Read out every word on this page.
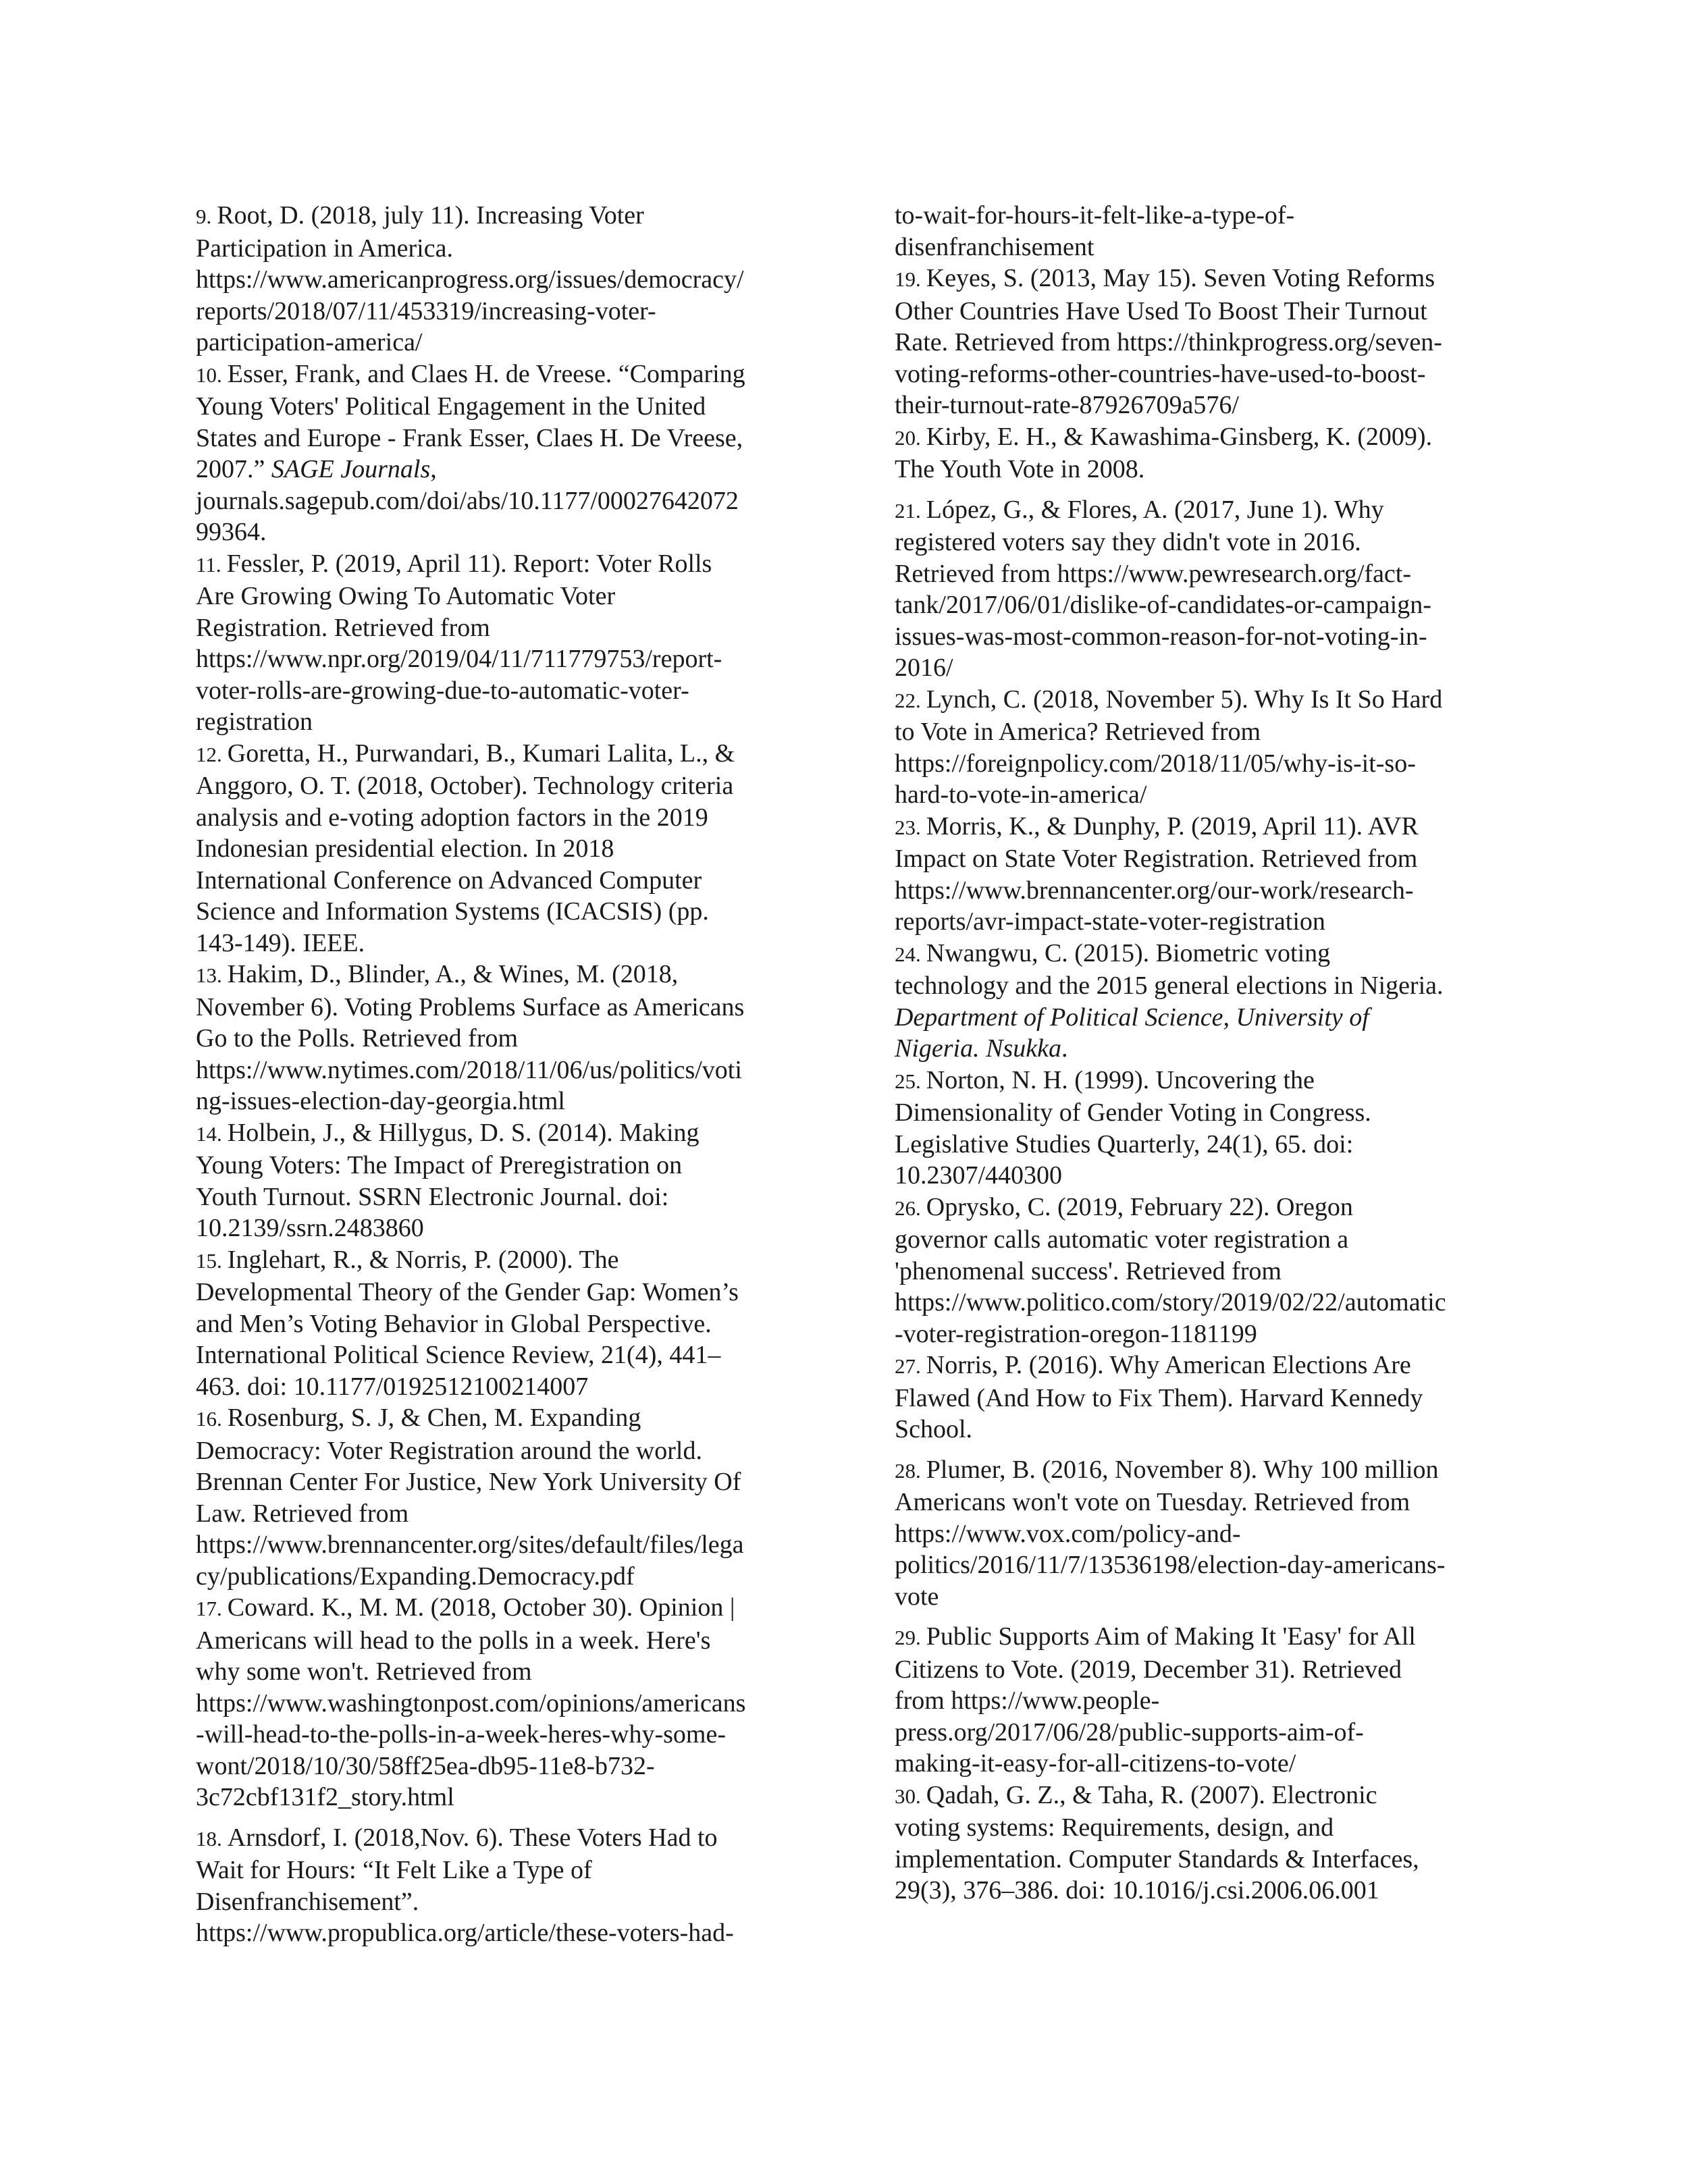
9. Root, D. (2018, july 11). Increasing Voter
Participation in America.
https://www.americanprogress.org/issues/democracy/
reports/2018/07/11/453319/increasing-voter-
participation-america/

10. Esser, Frank, and Claes H. de Vreese. “Comparing
Young Voters' Political Engagement in the United
States and Europe - Frank Esser, Claes H. De Vreese,
2007.” SAGE Journals,
journals.sagepub.com/doi/abs/10.1177/00027642072
99364.

11. Fessler, P. (2019, April 11). Report: Voter Rolls
Are Growing Owing To Automatic Voter
Registration. Retrieved from
https://www.npr.org/2019/04/11/711779753/report-
voter-rolls-are-growing-due-to-automatic-voter-
registration

12. Goretta, H., Purwandari, B., Kumari Lalita, L., &
Anggoro, O. T. (2018, October). Technology criteria
analysis and e-voting adoption factors in the 2019
Indonesian presidential election. In 2018
International Conference on Advanced Computer
Science and Information Systems (ICACSIS) (pp.
143-149). IEEE.

13. Hakim, D., Blinder, A., & Wines, M. (2018,
November 6). Voting Problems Surface as Americans
Go to the Polls. Retrieved from
https://www.nytimes.com/2018/11/06/us/politics/voti
ng-issues-election-day-georgia.html

14. Holbein, J., & Hillygus, D. S. (2014). Making
Young Voters: The Impact of Preregistration on
Youth Turnout. SSRN Electronic Journal. doi:
10.2139/ssrn.2483860

15. Inglehart, R., & Norris, P. (2000). The
Developmental Theory of the Gender Gap: Women’s
and Men’s Voting Behavior in Global Perspective.
International Political Science Review, 21(4), 441–
463. doi: 10.1177/0192512100214007

16. Rosenburg, S. J, & Chen, M. Expanding
Democracy: Voter Registration around the world.
Brennan Center For Justice, New York University Of
Law. Retrieved from
https://www.brennancenter.org/sites/default/files/lega
cy/publications/Expanding.Democracy.pdf

17. Coward. K., M. M. (2018, October 30). Opinion |
Americans will head to the polls in a week. Here's
why some won't. Retrieved from
https://www.washingtonpost.com/opinions/americans
-will-head-to-the-polls-in-a-week-heres-why-some-
wont/2018/10/30/58ff25ea-db95-11e8-b732-
3c72cbf131f2_story.html

18. Arnsdorf, I. (2018,Nov. 6). These Voters Had to
Wait for Hours: “It Felt Like a Type of
Disenfranchisement”.
https://www.propublica.org/article/these-voters-had-

to-wait-for-hours-it-felt-like-a-type-of-
disenfranchisement

19. Keyes, S. (2013, May 15). Seven Voting Reforms
Other Countries Have Used To Boost Their Turnout
Rate. Retrieved from https://thinkprogress.org/seven-
voting-reforms-other-countries-have-used-to-boost-
their-turnout-rate-87926709a576/

20. Kirby, E. H., & Kawashima-Ginsberg, K. (2009).
The Youth Vote in 2008.

21. López, G., & Flores, A. (2017, June 1). Why
registered voters say they didn't vote in 2016.
Retrieved from https://www.pewresearch.org/fact-
tank/2017/06/01/dislike-of-candidates-or-campaign-
issues-was-most-common-reason-for-not-voting-in-
2016/

22. Lynch, C. (2018, November 5). Why Is It So Hard
to Vote in America? Retrieved from
https://foreignpolicy.com/2018/11/05/why-is-it-so-
hard-to-vote-in-america/

23. Morris, K., & Dunphy, P. (2019, April 11). AVR
Impact on State Voter Registration. Retrieved from
https://www.brennancenter.org/our-work/research-
reports/avr-impact-state-voter-registration

24. Nwangwu, C. (2015). Biometric voting
technology and the 2015 general elections in Nigeria.
Department of Political Science, University of
Nigeria. Nsukka.

25. Norton, N. H. (1999). Uncovering the
Dimensionality of Gender Voting in Congress.
Legislative Studies Quarterly, 24(1), 65. doi:
10.2307/440300

26. Oprysko, C. (2019, February 22). Oregon
governor calls automatic voter registration a
'phenomenal success'. Retrieved from
https://www.politico.com/story/2019/02/22/automatic
-voter-registration-oregon-1181199

27. Norris, P. (2016). Why American Elections Are
Flawed (And How to Fix Them). Harvard Kennedy
School.

28. Plumer, B. (2016, November 8). Why 100 million
Americans won't vote on Tuesday. Retrieved from
https://www.vox.com/policy-and-
politics/2016/11/7/13536198/election-day-americans-
vote

29. Public Supports Aim of Making It 'Easy' for All
Citizens to Vote. (2019, December 31). Retrieved
from https://www.people-
press.org/2017/06/28/public-supports-aim-of-
making-it-easy-for-all-citizens-to-vote/

30. Qadah, G. Z., & Taha, R. (2007). Electronic
voting systems: Requirements, design, and
implementation. Computer Standards & Interfaces,
29(3), 376–386. doi: 10.1016/j.csi.2006.06.001
